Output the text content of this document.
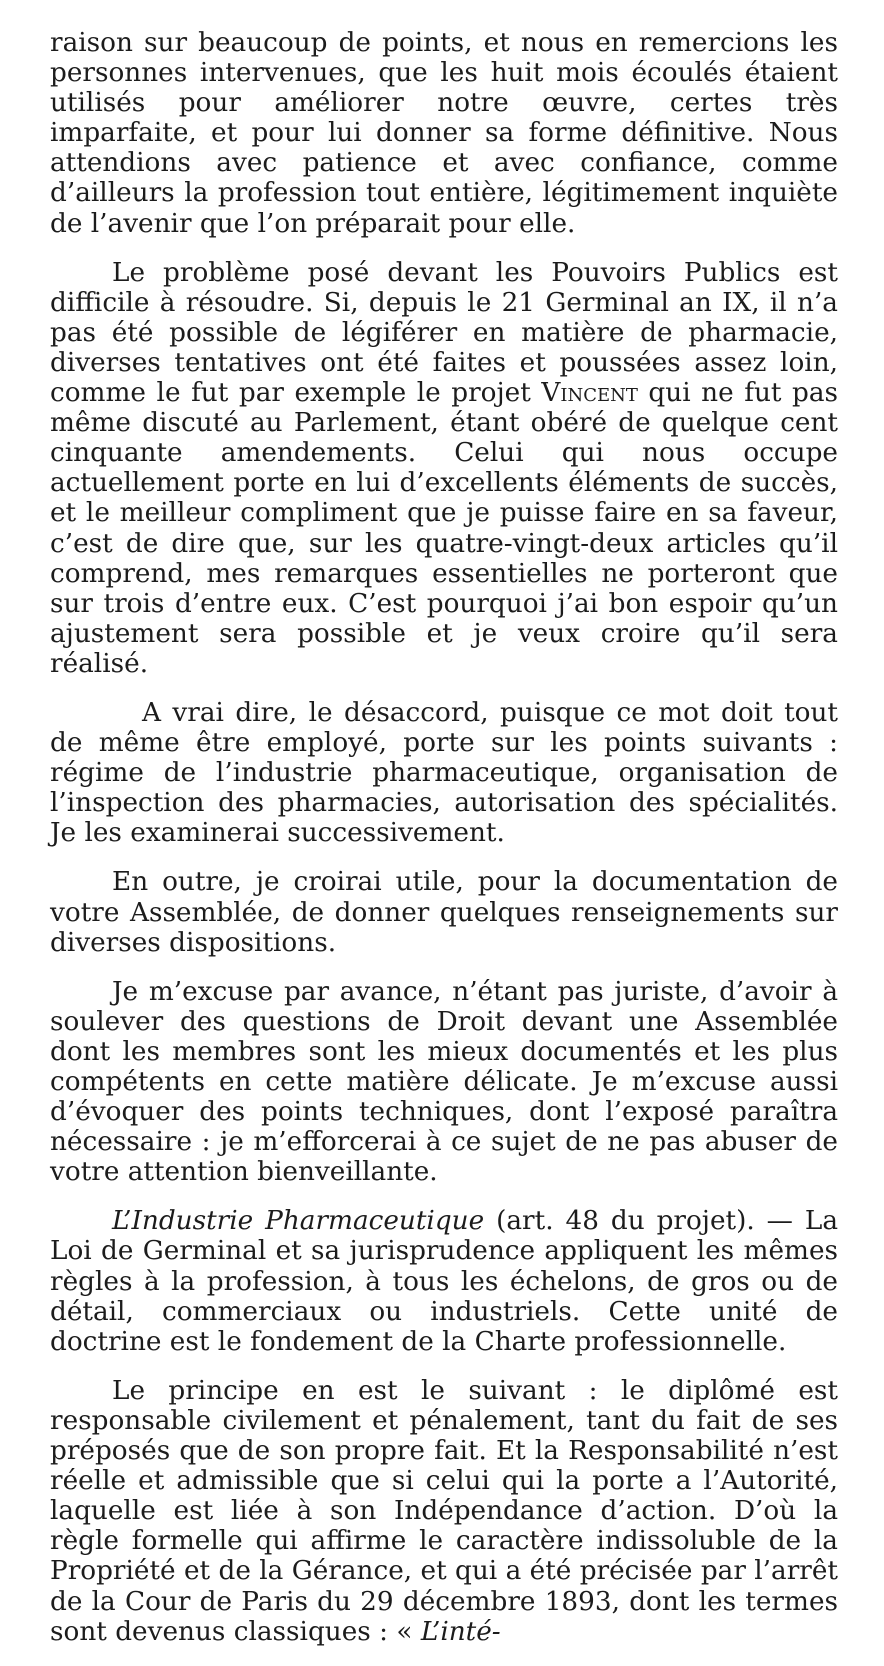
raison sur beaucoup de points, et nous en remercions les personnes intervenues, que les huit mois écoulés étaient utilisés pour améliorer notre œuvre, certes très imparfaite, et pour lui donner sa forme définitive. Nous attendions avec patience et avec confiance, comme d’ailleurs la profession tout entière, légitimement inquiète de l’avenir que l’on préparait pour elle.

Le problème posé devant les Pouvoirs Publics est difficile à résoudre. Si, depuis le 21 Germinal an IX, il n’a pas été possible de légiférer en matière de pharmacie, diverses tentatives ont été faites et poussées assez loin, comme le fut par exemple le projet Vincent qui ne fut pas même discuté au Parlement, étant obéré de quelque cent cinquante amendements. Celui qui nous occupe actuellement porte en lui d’excellents éléments de succès, et le meilleur compliment que je puisse faire en sa faveur, c’est de dire que, sur les quatre-vingt-deux articles qu’il comprend, mes remarques essentielles ne porteront que sur trois d’entre eux. C’est pourquoi j’ai bon espoir qu’un ajustement sera possible et je veux croire qu’il sera réalisé.

A vrai dire, le désaccord, puisque ce mot doit tout de même être employé, porte sur les points suivants : régime de l’industrie pharmaceutique, organisation de l’inspection des pharmacies, autorisation des spécialités. Je les examinerai successivement.

En outre, je croirai utile, pour la documentation de votre Assemblée, de donner quelques renseignements sur diverses dispositions.

Je m’excuse par avance, n’étant pas juriste, d’avoir à soulever des questions de Droit devant une Assemblée dont les membres sont les mieux documentés et les plus compétents en cette matière délicate. Je m’excuse aussi d’évoquer des points techniques, dont l’exposé paraîtra nécessaire : je m’efforcerai à ce sujet de ne pas abuser de votre attention bienveillante.

L’Industrie Pharmaceutique (art. 48 du projet). — La Loi de Germinal et sa jurisprudence appliquent les mêmes règles à la profession, à tous les échelons, de gros ou de détail, commerciaux ou industriels. Cette unité de doctrine est le fondement de la Charte professionnelle.

Le principe en est le suivant : le diplômé est responsable civilement et pénalement, tant du fait de ses préposés que de son propre fait. Et la Responsabilité n’est réelle et admissible que si celui qui la porte a l’Autorité, laquelle est liée à son Indépendance d’action. D’où la règle formelle qui affirme le caractère indissoluble de la Propriété et de la Gérance, et qui a été précisée par l’arrêt de la Cour de Paris du 29 décembre 1893, dont les termes sont devenus classiques : « L’inté-
